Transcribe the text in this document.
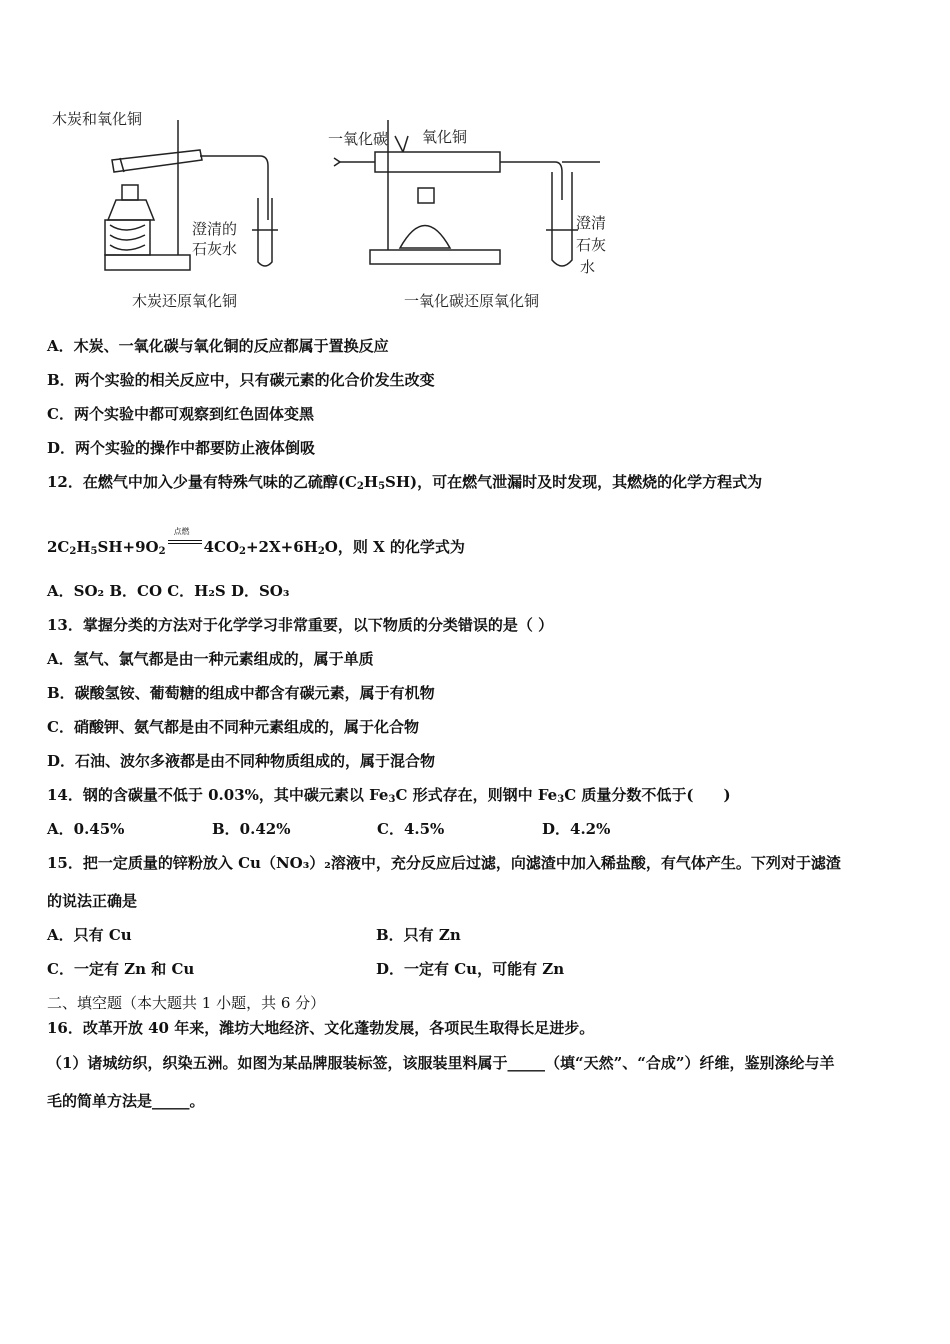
木炭和氧化铜
澄清的
石灰水
木炭还原氧化铜
一氧化碳 氧化铜
一氧化碳还原氧化铜
澄清
石灰
水
A．木炭、一氧化碳与氧化铜的反应都属于置换反应
B．两个实验的相关反应中，只有碳元素的化合价发生改变
C．两个实验中都可观察到红色固体变黑
D．两个实验的操作中都要防止液体倒吸
12．在燃气中加入少量有特殊气味的乙硫醇$(C_2H_5SH)$，可在燃气泄漏时及时发现，其燃烧的化学方程式为
$2C_2H_5SH+9O_2$
点燃
$4CO_2+2X+6H_2O$，则 X 的化学式为
A．SO₂ B．CO C．H₂S D．SO₃
13．掌握分类的方法对于化学学习非常重要，以下物质的分类错误的是（ ）
A．氢气、氯气都是由一种元素组成的，属于单质
B．碳酸氢铵、葡萄糖的组成中都含有碳元素，属于有机物
C．硝酸钾、氨气都是由不同种元素组成的，属于化合物
D．石油、波尔多液都是由不同种物质组成的，属于混合物
14．钢的含碳量不低于 0.03%，其中碳元素以 $Fe_3C$ 形式存在，则钢中 $Fe_3C$ 质量分数不低于(　　)
A．0.45%	B．0.42%	C．4.5%	D．4.2%
15．把一定质量的锌粉放入 Cu（NO₃）₂溶液中，充分反应后过滤，向滤渣中加入稀盐酸，有气体产生。下列对于滤渣
的说法正确是
A．只有 Cu	B．只有 Zn
C．一定有 Zn 和 Cu	D．一定有 Cu，可能有 Zn
二、填空题（本大题共 1 小题，共 6 分）
16．改革开放 40 年来，潍坊大地经济、文化蓬勃发展，各项民生取得长足进步。
（1）诸城纺织，织染五洲。如图为某品牌服装标签，该服装里料属于_____（填“天然”、“合成”）纤维，鉴别涤纶与羊
毛的简单方法是_____。
